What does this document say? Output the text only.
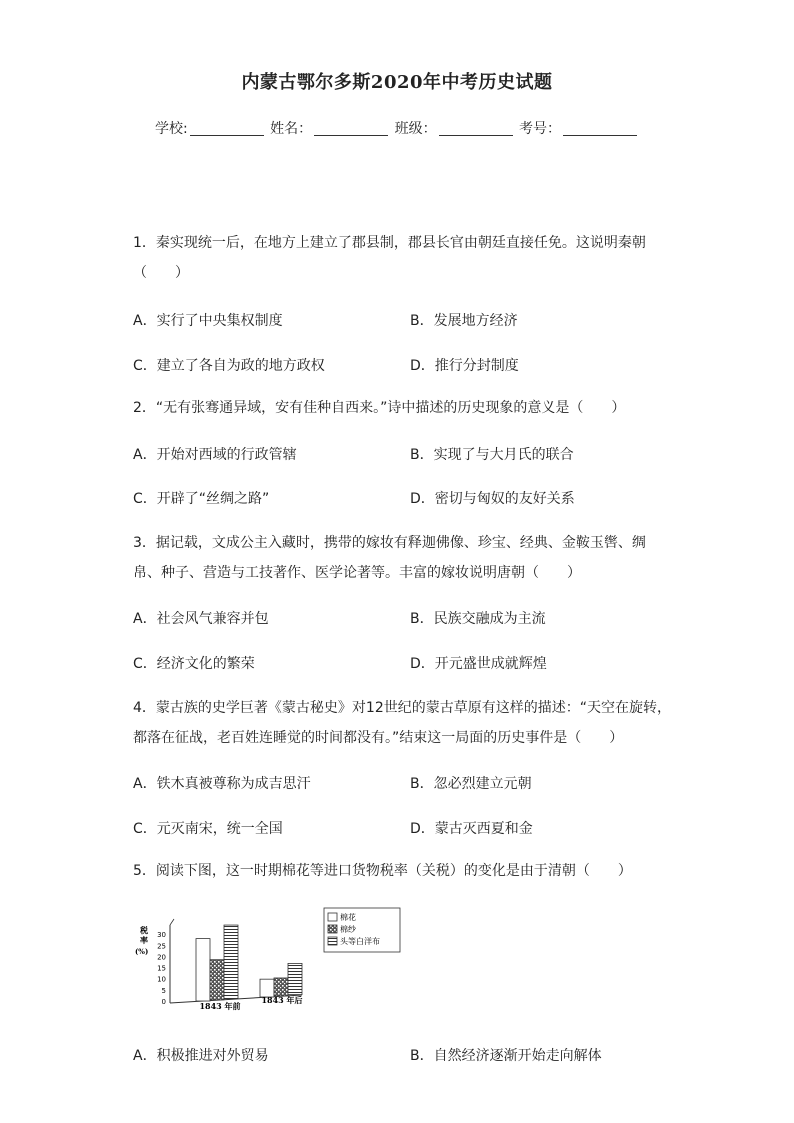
内蒙古鄂尔多斯2020年中考历史试题
学校:	姓名：	班级：	考号：
1．秦实现统一后，在地方上建立了郡县制，郡县长官由朝廷直接任免。这说明秦朝（　　）
A．实行了中央集权制度	B．发展地方经济
C．建立了各自为政的地方政权	D．推行分封制度
2．“无有张骞通异域，安有佳种自西来。”诗中描述的历史现象的意义是（　　）
A．开始对西域的行政管辖	B．实现了与大月氏的联合
C．开辟了“丝绸之路”	D．密切与匈奴的友好关系
3．据记载，文成公主入藏时，携带的嫁妆有释迦佛像、珍宝、经典、金鞍玉辔、绸帛、种子、营造与工技著作、医学论著等。丰富的嫁妆说明唐朝（　　）
A．社会风气兼容并包	B．民族交融成为主流
C．经济文化的繁荣	D．开元盛世成就辉煌
4．蒙古族的史学巨著《蒙古秘史》对12世纪的蒙古草原有这样的描述：“天空在旋转，都落在征战，老百姓连睡觉的时间都没有。”结束这一局面的历史事件是（　　）
A．铁木真被尊称为成吉思汗	B．忽必烈建立元朝
C．元灭南宋，统一全国	D．蒙古灭西夏和金
5．阅读下图，这一时期棉花等进口货物税率（关税）的变化是由于清朝（　　）
税
率
(%)
0
5
10
15
20
25
30
1843 年前
1843 年后
棉花
棉纱
头等白洋布
A．积极推进对外贸易	B．自然经济逐渐开始走向解体
